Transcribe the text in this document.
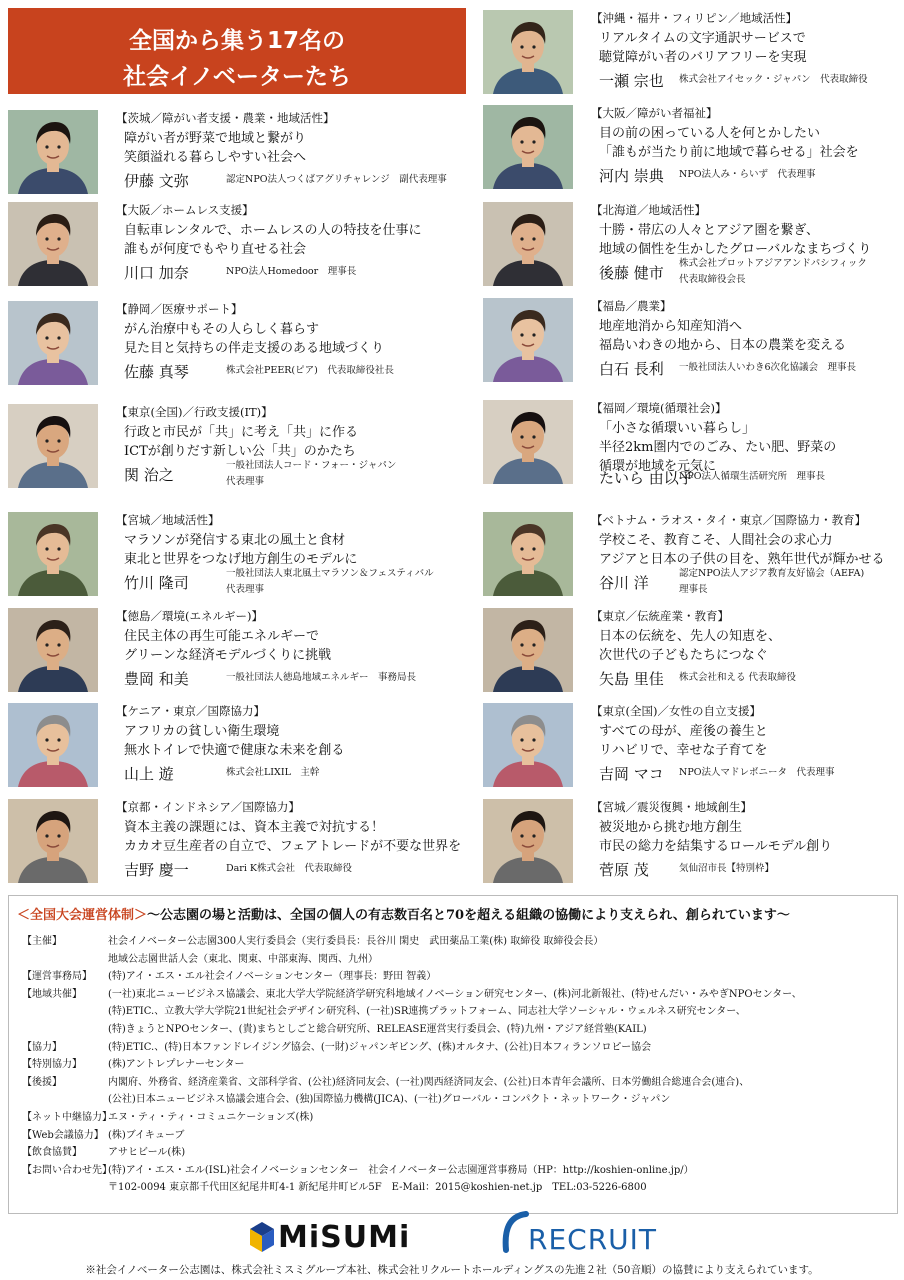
全国から集う17名の
社会イノベーターたち
【茨城／障がい者支援・農業・地域活性】
障がい者が野菜で地域と繋がり
笑顔溢れる暮らしやすい社会へ
伊藤 文弥	認定NPO法人つくばアグリチャレンジ　副代表理事
【大阪／ホームレス支援】
自転車レンタルで、ホームレスの人の特技を仕事に
誰もが何度でもやり直せる社会
川口 加奈	NPO法人Homedoor　理事長
【静岡／医療サポート】
がん治療中もその人らしく暮らす
見た目と気持ちの伴走支援のある地域づくり
佐藤 真琴	株式会社PEER(ピア)　代表取締役社長
【東京(全国)／行政支援(IT)】
行政と市民が「共」に考え「共」に作る
ICTが創りだす新しい公「共」のかたち
関 治之
一般社団法人コード・フォー・ジャパン
代表理事
【宮城／地域活性】
マラソンが発信する東北の風土と食材
東北と世界をつなげ地方創生のモデルに
竹川 隆司
一般社団法人東北風土マラソン＆フェスティバル
代表理事
【徳島／環境(エネルギー)】
住民主体の再生可能エネルギーで
グリーンな経済モデルづくりに挑戦
豊岡 和美	一般社団法人徳島地域エネルギー　事務局長
【ケニア・東京／国際協力】
アフリカの貧しい衛生環境
無水トイレで快適で健康な未来を創る
山上 遊	株式会社LIXIL　主幹
【京都・インドネシア／国際協力】
資本主義の課題には、資本主義で対抗する！
カカオ豆生産者の自立で、フェアトレードが不要な世界を
吉野 慶一	Dari K株式会社　代表取締役
【沖縄・福井・フィリピン／地域活性】
リアルタイムの文字通訳サービスで
聴覚障がい者のバリアフリーを実現
一瀬 宗也 株式会社アイセック・ジャパン　代表取締役
【大阪／障がい者福祉】
目の前の困っている人を何とかしたい
「誰もが当たり前に地域で暮らせる」社会を
河内 崇典 NPO法人み・らいず　代表理事
【北海道／地域活性】
十勝・帯広の人々とアジア圏を繋ぎ、
地域の個性を生かしたグローバルなまちづくり
後藤 健市
株式会社プロットアジアアンドパシフィック
代表取締役会長
【福島／農業】
地産地消から知産知消へ
福島いわきの地から、日本の農業を変える
白石 長利 一般社団法人いわき6次化協議会　理事長
【福岡／環境(循環社会)】
「小さな循環いい暮らし」
半径2km圏内でのごみ、たい肥、野菜の
循環が地域を元気に
たいら 由以子
NPO法人循環生活研究所　理事長
【ベトナム・ラオス・タイ・東京／国際協力・教育】
学校こそ、教育こそ、人間社会の求心力
アジアと日本の子供の目を、熟年世代が輝かせる
谷川 洋
認定NPO法人アジア教育友好協会（AEFA)
理事長
【東京／伝統産業・教育】
日本の伝統を、先人の知恵を、
次世代の子どもたちにつなぐ
矢島 里佳 株式会社和える 代表取締役
【東京(全国)／女性の自立支援】
すべての母が、産後の養生と
リハビリで、幸せな子育てを
吉岡 マコ NPO法人マドレボニータ　代表理事
【宮城／震災復興・地域創生】
被災地から挑む地方創生
市民の総力を結集するロールモデル創り
菅原 茂	気仙沼市長【特別枠】
＜全国大会運営体制＞～公志園の場と活動は、全国の個人の有志数百名と70を超える組織の協働により支えられ、創られています～
【主催】	社会イノベーター公志園300人実行委員会（実行委員長：長谷川 閑史　武田薬品工業(株) 取締役 取締役会長）
地域公志園世話人会（東北、関東、中部東海、関西、九州）
【運営事務局】 (特)アイ・エス・エル社会イノベーションセンター（理事長：野田 智義）
【地域共催】	(一社)東北ニュービジネス協議会、東北大学大学院経済学研究科地域イノベーション研究センター、(株)河北新報社、(特)せんだい・みやぎNPOセンター、
(特)ETIC.、立教大学大学院21世紀社会デザイン研究科、(一社)SR連携プラットフォーム、同志社大学ソーシャル・ウェルネス研究センター、
(特)きょうとNPOセンター、(貴)まちとしごと総合研究所、RELEASE運営実行委員会、(特)九州・アジア経営塾(KAIL)
【協力】	(特)ETIC.、(特)日本ファンドレイジング協会、(一財)ジャパンギビング、(株)オルタナ、(公社)日本フィランソロピー協会
【特別協力】	(株)アントレプレナーセンター
【後援】	内閣府、外務省、経済産業省、文部科学省、(公社)経済同友会、(一社)関西経済同友会、(公社)日本青年会議所、日本労働組合総連合会(連合)、
(公社)日本ニュービジネス協議会連合会、(独)国際協力機構(JICA)、(一社)グローバル・コンパクト・ネットワーク・ジャパン
【ネット中継協力】
エヌ・ティ・ティ・コミュニケーションズ(株)
【Web会議協力】 (株)ブイキューブ
【飲食協賛】	アサヒビール(株)
【お問い合わせ先】
(特)アイ・エス・エル(ISL)社会イノベーションセンター　社会イノベーター公志園運営事務局（HP：http://koshien-online.jp/）
〒102-0094 東京都千代田区紀尾井町4-1 新紀尾井町ビル5F　E-Mail：2015@koshien-net.jp　TEL:03-5226-6800
MiSUMi	RECRUIT
※社会イノベーター公志園は、株式会社ミスミグループ本社、株式会社リクルートホールディングスの先進２社（50音順）の協賛により支えられています。
